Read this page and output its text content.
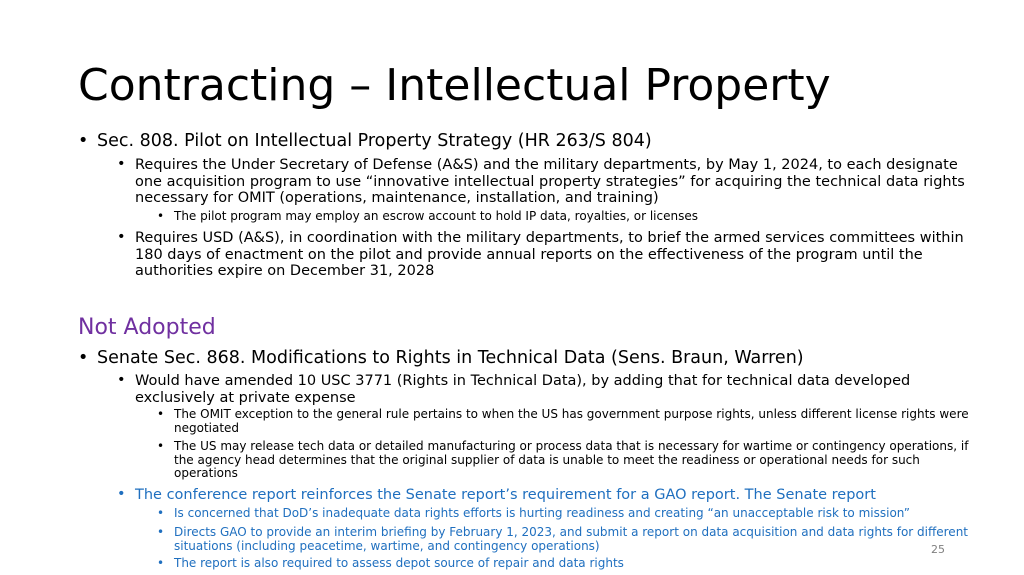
Contracting – Intellectual Property
• Sec. 808. Pilot on Intellectual Property Strategy (HR 263/S 804)
• Requires the Under Secretary of Defense (A&S) and the military departments, by May 1, 2024, to each designate one acquisition program to use “innovative intellectual property strategies” for acquiring the technical data rights necessary for OMIT (operations, maintenance, installation, and training)
• The pilot program may employ an escrow account to hold IP data, royalties, or licenses
• Requires USD (A&S), in coordination with the military departments, to brief the armed services committees within 180 days of enactment on the pilot and provide annual reports on the effectiveness of the program until the authorities expire on December 31, 2028
Not Adopted
• Senate Sec. 868. Modifications to Rights in Technical Data (Sens. Braun, Warren)
• Would have amended 10 USC 3771 (Rights in Technical Data), by adding that for technical data developed exclusively at private expense
• The OMIT exception to the general rule pertains to when the US has government purpose rights, unless different license rights were negotiated
• The US may release tech data or detailed manufacturing or process data that is necessary for wartime or contingency operations, if the agency head determines that the original supplier of data is unable to meet the readiness or operational needs for such operations
• The conference report reinforces the Senate report’s requirement for a GAO report. The Senate report
• Is concerned that DoD’s inadequate data rights efforts is hurting readiness and creating “an unacceptable risk to mission”
• Directs GAO to provide an interim briefing by February 1, 2023, and submit a report on data acquisition and data rights for different situations (including peacetime, wartime, and contingency operations)
• The report is also required to assess depot source of repair and data rights
25
